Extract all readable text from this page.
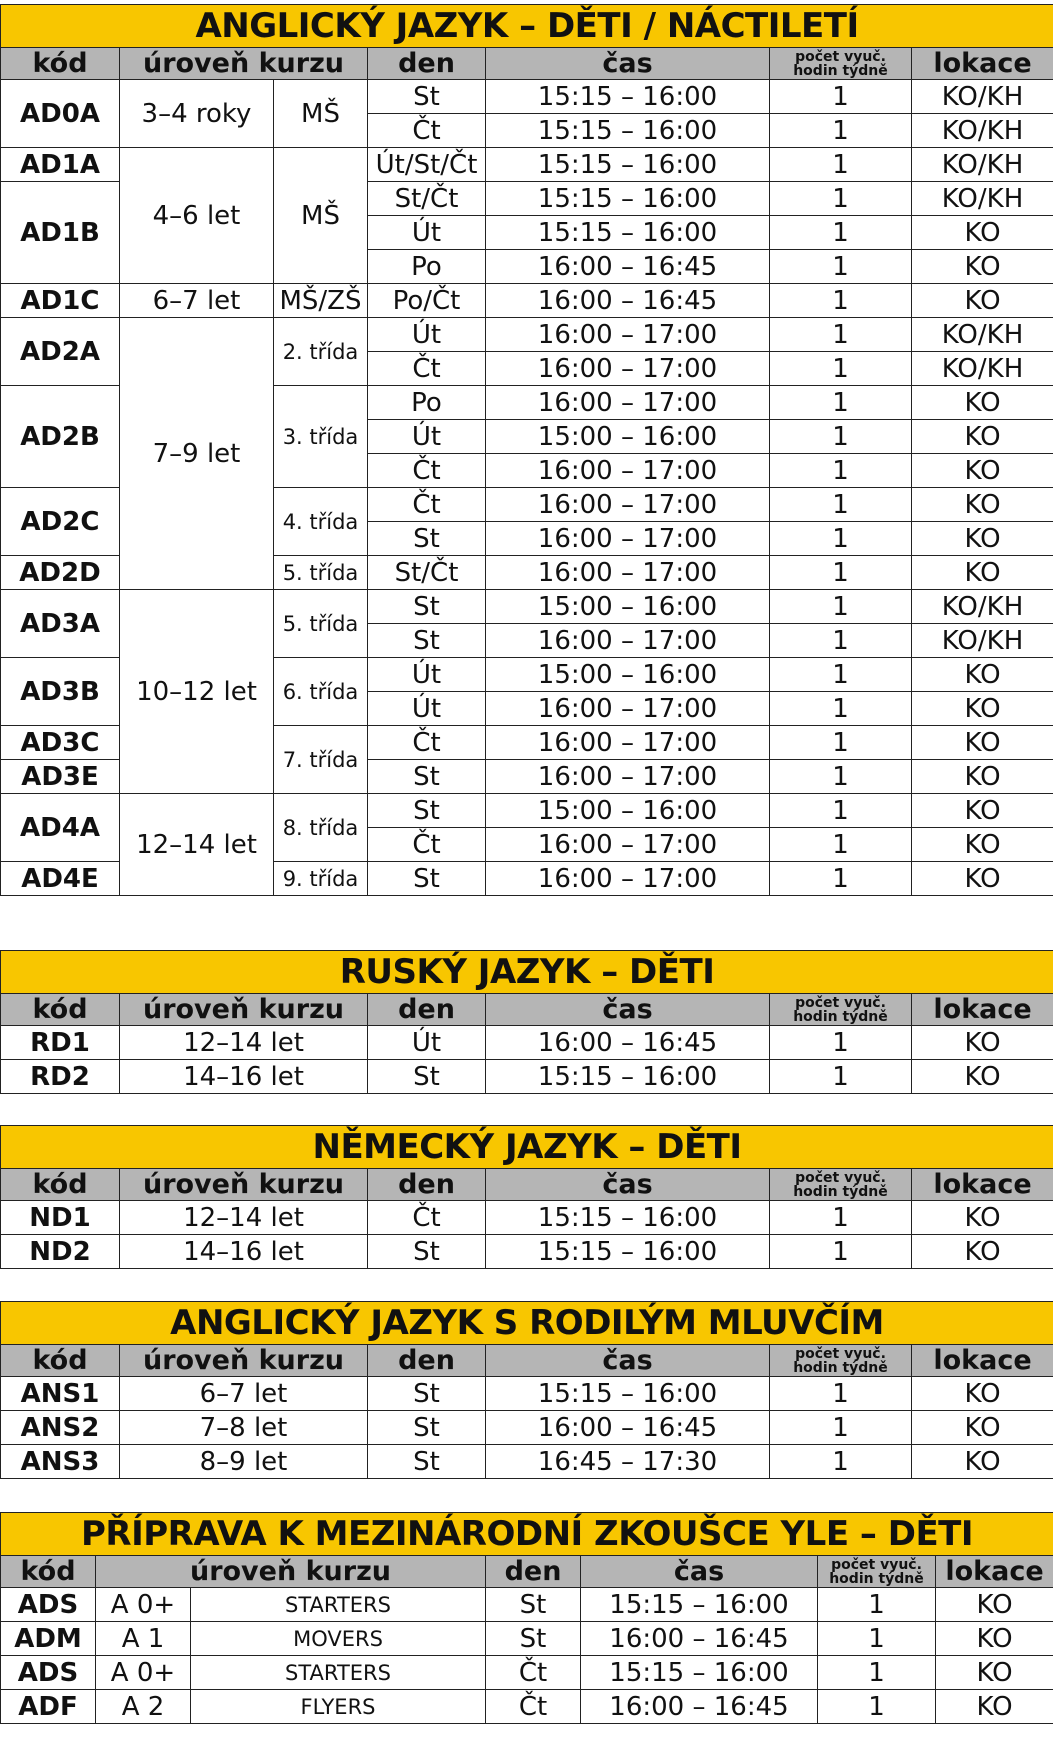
ANGLICKÝ JAZYK – DĚTI / NÁCTILETÍ						
kód	úroveň kurzu		den	čas	počet vyuč.
hodin týdně	lokace
AD0A	3–4 roky	MŠ	St	15:15 – 16:00	1	KO/KH
			Čt	15:15 – 16:00	1	KO/KH
AD1A	4–6 let	MŠ	Út/St/Čt	15:15 – 16:00	1	KO/KH
AD1B			St/Čt	15:15 – 16:00	1	KO/KH
			Út	15:15 – 16:00	1	KO
			Po	16:00 – 16:45	1	KO
AD1C	6–7 let	MŠ/ZŠ	Po/Čt	16:00 – 16:45	1	KO
AD2A	7–9 let	2. třída	Út	16:00 – 17:00	1	KO/KH
			Čt	16:00 – 17:00	1	KO/KH
AD2B		3. třída	Po	16:00 – 17:00	1	KO
			Út	15:00 – 16:00	1	KO
			Čt	16:00 – 17:00	1	KO
AD2C		4. třída	Čt	16:00 – 17:00	1	KO
			St	16:00 – 17:00	1	KO
AD2D		5. třída	St/Čt	16:00 – 17:00	1	KO
AD3A	10–12 let	5. třída	St	15:00 – 16:00	1	KO/KH
			St	16:00 – 17:00	1	KO/KH
AD3B		6. třída	Út	15:00 – 16:00	1	KO
			Út	16:00 – 17:00	1	KO
AD3C		7. třída	Čt	16:00 – 17:00	1	KO
AD3E			St	16:00 – 17:00	1	KO
AD4A	12–14 let	8. třída	St	15:00 – 16:00	1	KO
			Čt	16:00 – 17:00	1	KO
AD4E		9. třída	St	16:00 – 17:00	1	KO
RUSKÝ JAZYK – DĚTI					
kód	úroveň kurzu	den	čas	počet vyuč.
hodin týdně	lokace
RD1	12–14 let	Út	16:00 – 16:45	1	KO
RD2	14–16 let	St	15:15 – 16:00	1	KO
NĚMECKÝ JAZYK – DĚTI					
kód	úroveň kurzu	den	čas	počet vyuč.
hodin týdně	lokace
ND1	12–14 let	Čt	15:15 – 16:00	1	KO
ND2	14–16 let	St	15:15 – 16:00	1	KO
ANGLICKÝ JAZYK S RODILÝM MLUVČÍM					
kód	úroveň kurzu	den	čas	počet vyuč.
hodin týdně	lokace
ANS1	6–7 let	St	15:15 – 16:00	1	KO
ANS2	7–8 let	St	16:00 – 16:45	1	KO
ANS3	8–9 let	St	16:45 – 17:30	1	KO
PŘÍPRAVA K MEZINÁRODNÍ ZKOUŠCE YLE – DĚTI						
kód	úroveň kurzu		den	čas	počet vyuč.
hodin týdně	lokace
ADS	A 0+	STARTERS	St	15:15 – 16:00	1	KO
ADM	A 1	MOVERS	St	16:00 – 16:45	1	KO
ADS	A 0+	STARTERS	Čt	15:15 – 16:00	1	KO
ADF	A 2	FLYERS	Čt	16:00 – 16:45	1	KO
